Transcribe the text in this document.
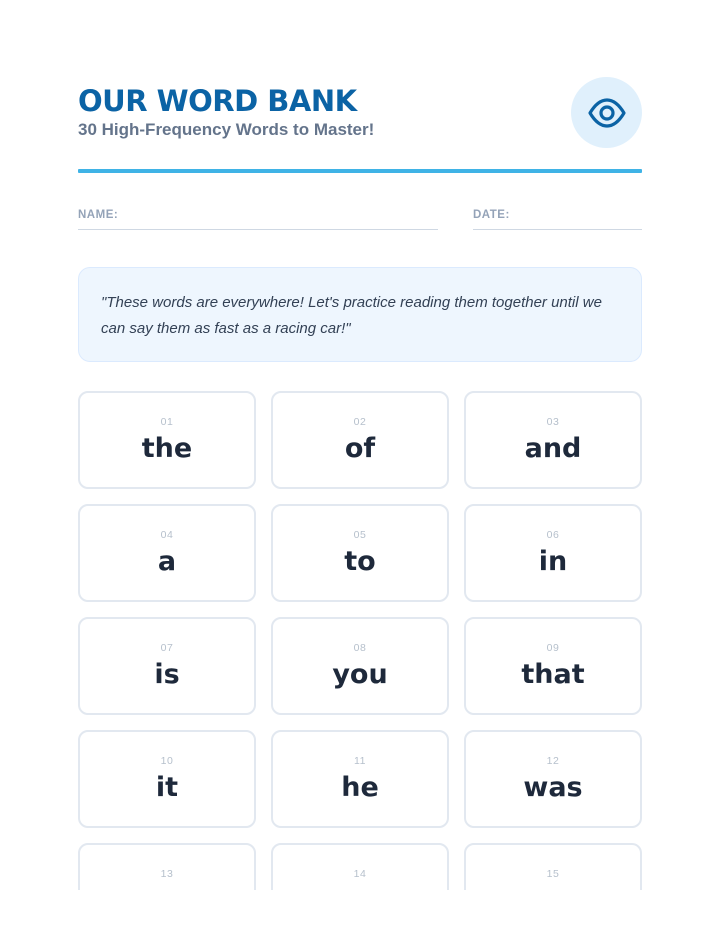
OUR WORD BANK
30 High-Frequency Words to Master!
NAME:	DATE:

"These words are everywhere! Let's practice reading them together until we can say them as fast as a racing car!"

01
the
02
of
03
and
04
a
05
to
06
in
07
is
08
you
09
that
10
it
11
he
12
was
13	14	15
